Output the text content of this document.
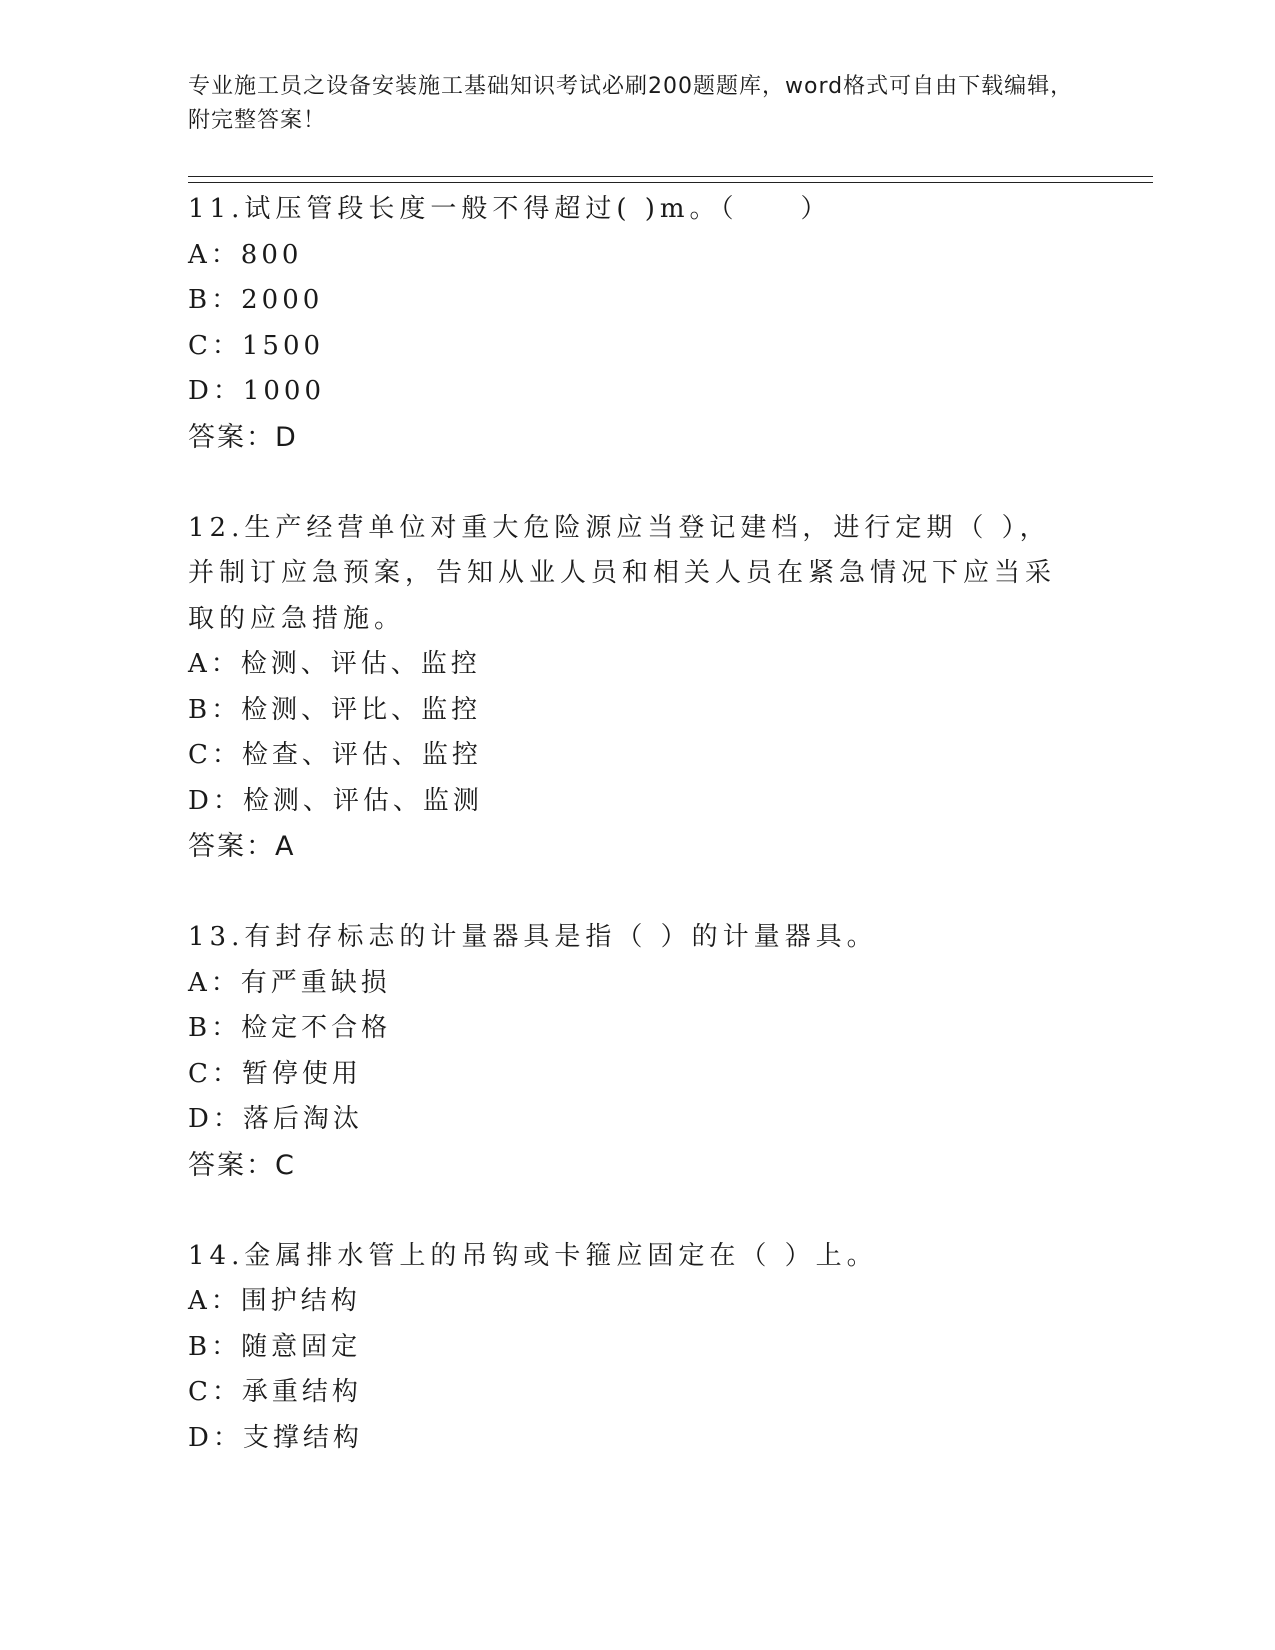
专业施工员之设备安装施工基础知识考试必刷200题题库，word格式可自由下载编辑，附完整答案！
11.试压管段长度一般不得超过( )m。（　　）
A：800
B：2000
C：1500
D：1000
答案：D
12.生产经营单位对重大危险源应当登记建档，进行定期（ ），并制订应急预案，告知从业人员和相关人员在紧急情况下应当采取的应急措施。
A：检测、评估、监控
B：检测、评比、监控
C：检查、评估、监控
D：检测、评估、监测
答案：A
13.有封存标志的计量器具是指（ ）的计量器具。
A：有严重缺损
B：检定不合格
C：暂停使用
D：落后淘汰
答案：C
14.金属排水管上的吊钩或卡箍应固定在（ ）上。
A：围护结构
B：随意固定
C：承重结构
D：支撑结构
